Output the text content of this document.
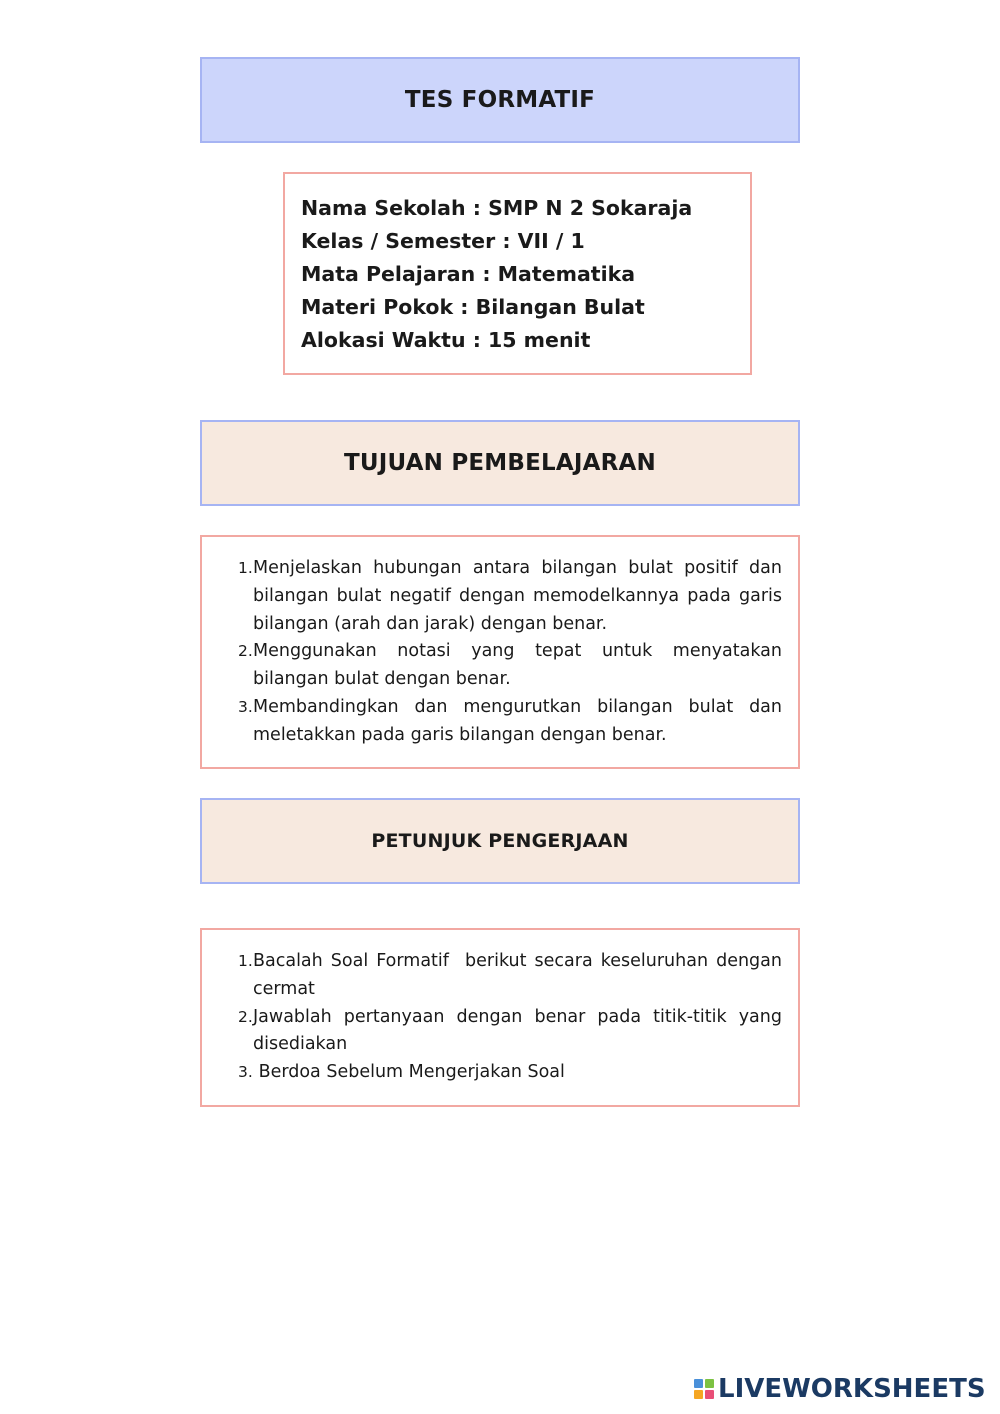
TES FORMATIF
Nama Sekolah : SMP N 2 Sokaraja
Kelas / Semester : VII / 1
Mata Pelajaran : Matematika
Materi Pokok : Bilangan Bulat
Alokasi Waktu : 15 menit
TUJUAN PEMBELAJARAN
1. Menjelaskan hubungan antara bilangan bulat positif dan bilangan bulat negatif dengan memodelkannya pada garis bilangan (arah dan jarak) dengan benar.
2. Menggunakan notasi yang tepat untuk menyatakan bilangan bulat dengan benar.
3. Membandingkan dan mengurutkan bilangan bulat dan meletakkan pada garis bilangan dengan benar.
PETUNJUK PENGERJAAN
1. Bacalah Soal Formatif  berikut secara keseluruhan dengan cermat
2. Jawablah pertanyaan dengan benar pada titik-titik yang disediakan
3. Berdoa Sebelum Mengerjakan Soal
LIVEWORKSHEETS
